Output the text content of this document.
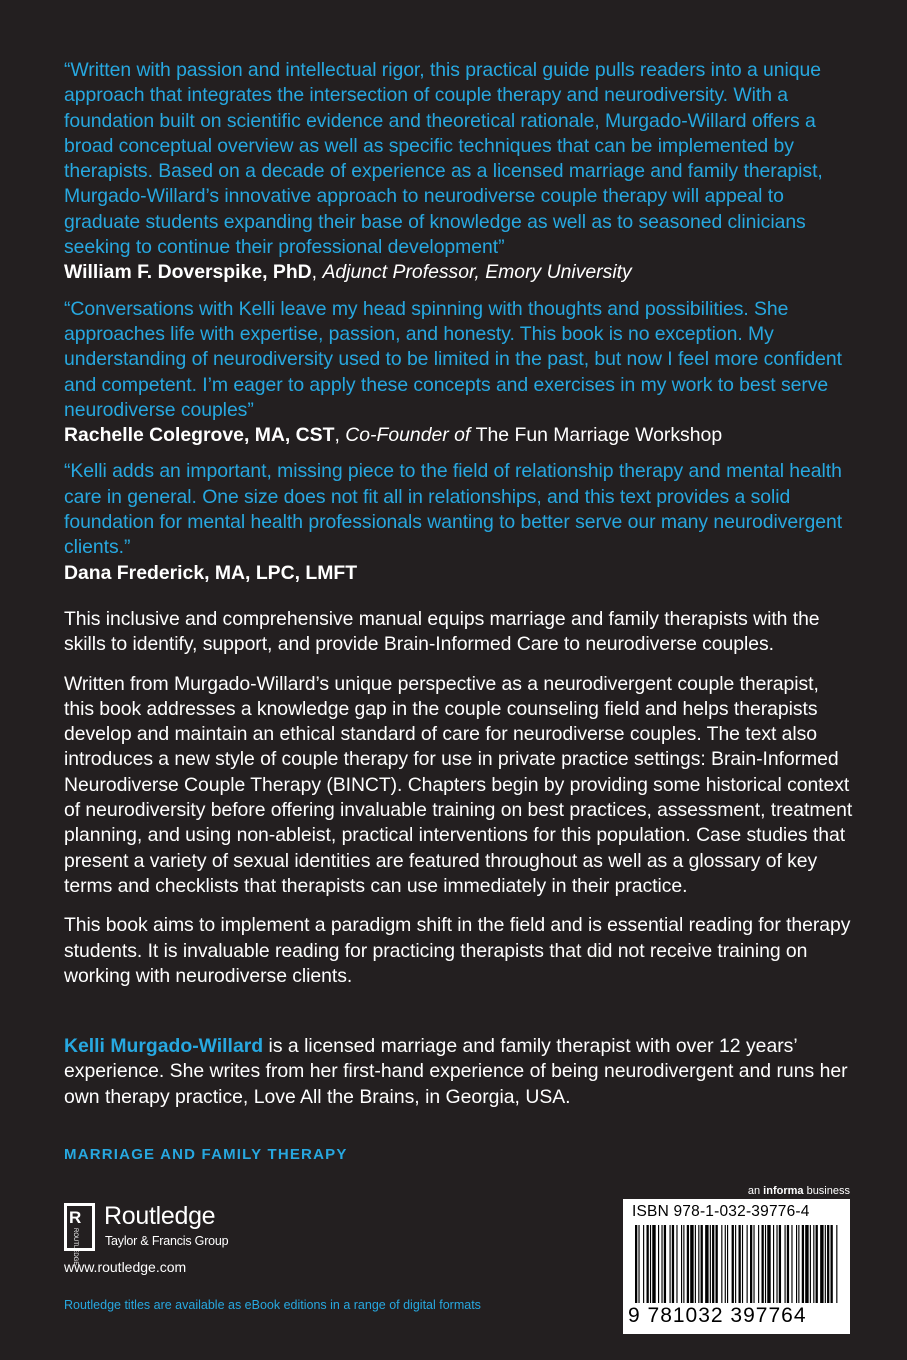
“Written with passion and intellectual rigor, this practical guide pulls readers into a unique approach that integrates the intersection of couple therapy and neurodiversity. With a foundation built on scientific evidence and theoretical rationale, Murgado-Willard offers a broad conceptual overview as well as specific techniques that can be implemented by therapists. Based on a decade of experience as a licensed marriage and family therapist, Murgado-Willard’s innovative approach to neurodiverse couple therapy will appeal to graduate students expanding their base of knowledge as well as to seasoned clinicians seeking to continue their professional development”

William F. Doverspike, PhD, Adjunct Professor, Emory University

“Conversations with Kelli leave my head spinning with thoughts and possibilities. She approaches life with expertise, passion, and honesty. This book is no exception. My understanding of neurodiversity used to be limited in the past, but now I feel more confident and competent. I’m eager to apply these concepts and exercises in my work to best serve neurodiverse couples”

Rachelle Colegrove, MA, CST, Co-Founder of The Fun Marriage Workshop

“Kelli adds an important, missing piece to the field of relationship therapy and mental health care in general. One size does not fit all in relationships, and this text provides a solid foundation for mental health professionals wanting to better serve our many neurodivergent clients.”

Dana Frederick, MA, LPC, LMFT

This inclusive and comprehensive manual equips marriage and family therapists with the skills to identify, support, and provide Brain-Informed Care to neurodiverse couples.

Written from Murgado-Willard’s unique perspective as a neurodivergent couple therapist, this book addresses a knowledge gap in the couple counseling field and helps therapists develop and maintain an ethical standard of care for neurodiverse couples. The text also introduces a new style of couple therapy for use in private practice settings: Brain-Informed Neurodiverse Couple Therapy (BINCT). Chapters begin by providing some historical context of neurodiversity before offering invaluable training on best practices, assessment, treatment planning, and using non-ableist, practical interventions for this population. Case studies that present a variety of sexual identities are featured throughout as well as a glossary of key terms and checklists that therapists can use immediately in their practice.

This book aims to implement a paradigm shift in the field and is essential reading for therapy students. It is invaluable reading for practicing therapists that did not receive training on working with neurodiverse clients.

Kelli Murgado-Willard is a licensed marriage and family therapist with over 12 years’ experience. She writes from her first-hand experience of being neurodivergent and runs her own therapy practice, Love All the Brains, in Georgia, USA.

MARRIAGE AND FAMILY THERAPY
R
ROUTLEDGE
Routledge
Taylor & Francis Group
www.routledge.com
Routledge titles are available as eBook editions in a range of digital formats
an informa business
ISBN 978-1-032-39776-4
9 781032 397764
